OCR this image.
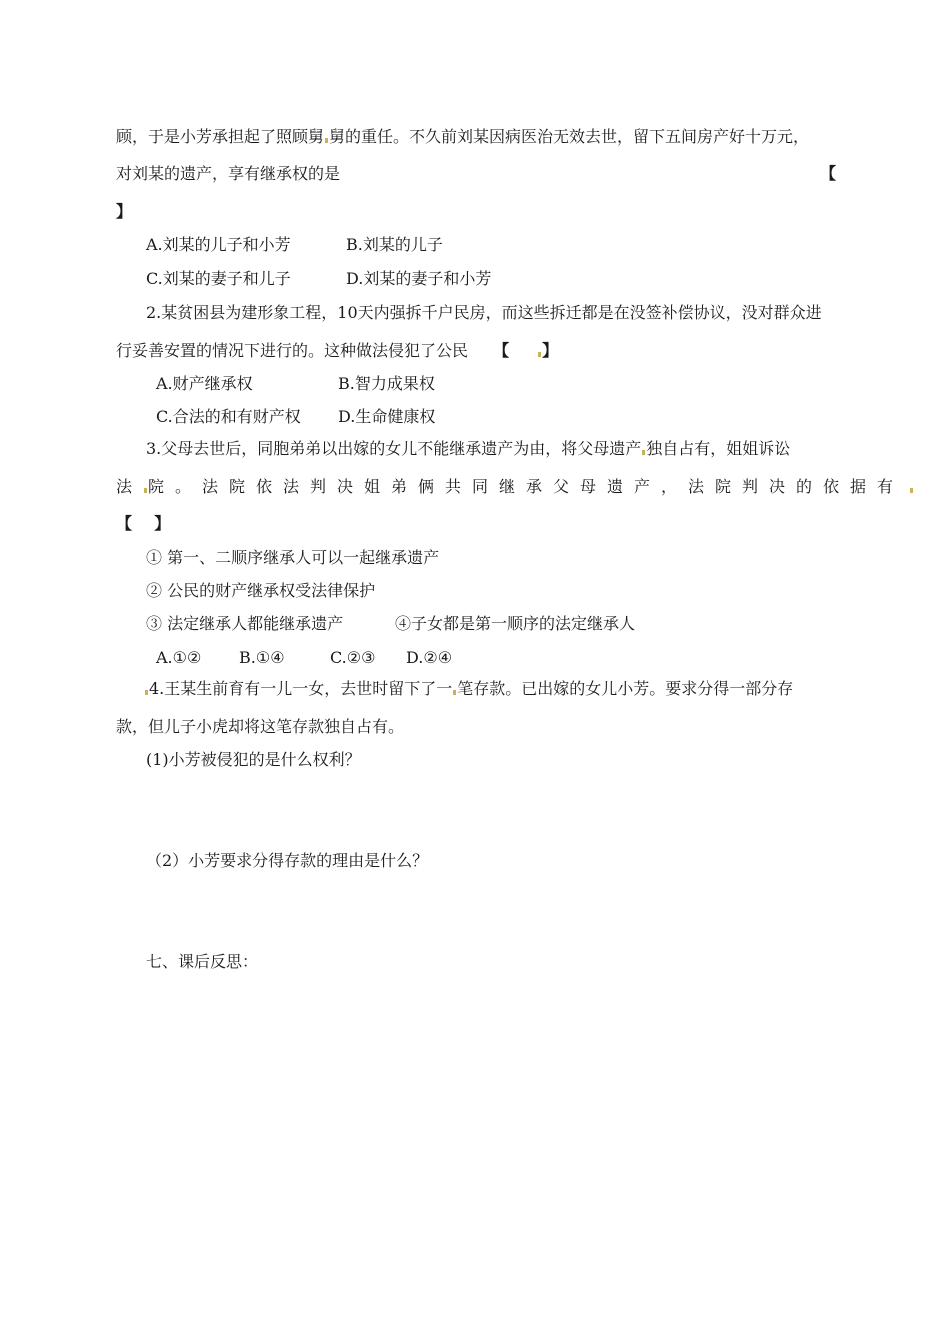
顾，于是小芳承担起了照顾舅 舅的重任。不久前刘某因病医治无效去世，留下五间房产好十万元，
对刘某的遗产，享有继承权的是	【
】
A.刘某的儿子和小芳	B.刘某的儿子
C.刘某的妻子和儿子	D.刘某的妻子和小芳
2.某贫困县为建形象工程，10天内强拆千户民房，而这些拆迁都是在没签补偿协议，没对群众进
行妥善安置的情况下进行的。这种做法侵犯了公民 【 】
A.财产继承权	B.智力成果权
C.合法的和有财产权 D.生命健康权
3.父母去世后，同胞弟弟以出嫁的女儿不能继承遗产为由，将父母遗产 独自占有，姐姐诉讼
法 院。法院依法判决姐弟俩共同继承父母遗产，法院判决的依据有
【    】
① 第一、二顺序继承人可以一起继承遗产
② 公民的财产继承权受法律保护
③ 法定继承人都能继承遗产	④子女都是第一顺序的法定继承人
A.①② B.①④	C.②③ D.②④
4.王某生前育有一儿一女，去世时留下了一 笔存款。已出嫁的女儿小芳。要求分得一部分存
款，但儿子小虎却将这笔存款独自占有。
(1)小芳被侵犯的是什么权利？
（2）小芳要求分得存款的理由是什么？
七、课后反思：
